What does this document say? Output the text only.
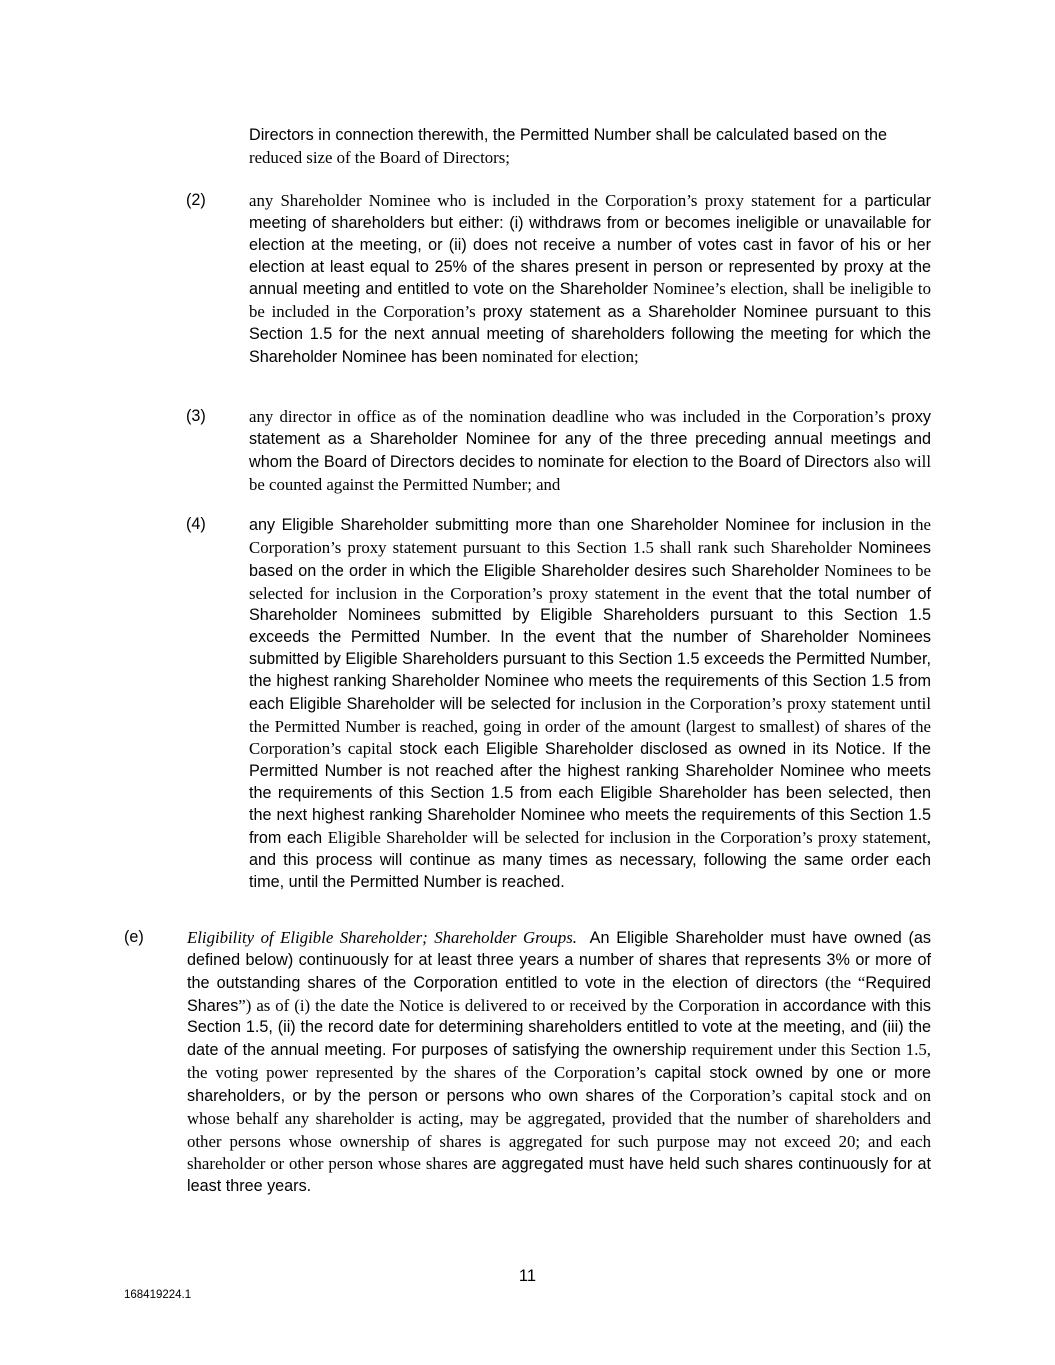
Directors in connection therewith, the Permitted Number shall be calculated based on the
reduced size of the Board of Directors;

(2)	any Shareholder Nominee who is included in the Corporation’s proxy statement for a particular meeting of shareholders but either: (i) withdraws from or becomes ineligible or unavailable for election at the meeting, or (ii) does not receive a number of votes cast in favor of his or her election at least equal to 25% of the shares present in person or represented by proxy at the annual meeting and entitled to vote on the Shareholder Nominee’s election, shall be ineligible to be included in the Corporation’s proxy statement as a Shareholder Nominee pursuant to this Section 1.5 for the next annual meeting of shareholders following the meeting for which the Shareholder Nominee has been nominated for election;

(3)	any director in office as of the nomination deadline who was included in the Corporation’s proxy statement as a Shareholder Nominee for any of the three preceding annual meetings and whom the Board of Directors decides to nominate for election to the Board of Directors also will be counted against the Permitted Number; and

(4)	any Eligible Shareholder submitting more than one Shareholder Nominee for inclusion in the Corporation’s proxy statement pursuant to this Section 1.5 shall rank such Shareholder Nominees based on the order in which the Eligible Shareholder desires such Shareholder Nominees to be selected for inclusion in the Corporation’s proxy statement in the event that the total number of Shareholder Nominees submitted by Eligible Shareholders pursuant to this Section 1.5 exceeds the Permitted Number. In the event that the number of Shareholder Nominees submitted by Eligible Shareholders pursuant to this Section 1.5 exceeds the Permitted Number, the highest ranking Shareholder Nominee who meets the requirements of this Section 1.5 from each Eligible Shareholder will be selected for inclusion in the Corporation’s proxy statement until the Permitted Number is reached, going in order of the amount (largest to smallest) of shares of the Corporation’s capital stock each Eligible Shareholder disclosed as owned in its Notice. If the Permitted Number is not reached after the highest ranking Shareholder Nominee who meets the requirements of this Section 1.5 from each Eligible Shareholder has been selected, then the next highest ranking Shareholder Nominee who meets the requirements of this Section 1.5 from each Eligible Shareholder will be selected for inclusion in the Corporation’s proxy statement, and this process will continue as many times as necessary, following the same order each time, until the Permitted Number is reached.

(e)	Eligibility of Eligible Shareholder; Shareholder Groups. An Eligible Shareholder must have owned (as defined below) continuously for at least three years a number of shares that represents 3% or more of the outstanding shares of the Corporation entitled to vote in the election of directors (the “Required Shares”) as of (i) the date the Notice is delivered to or received by the Corporation in accordance with this Section 1.5, (ii) the record date for determining shareholders entitled to vote at the meeting, and (iii) the date of the annual meeting. For purposes of satisfying the ownership requirement under this Section 1.5, the voting power represented by the shares of the Corporation’s capital stock owned by one or more shareholders, or by the person or persons who own shares of the Corporation’s capital stock and on whose behalf any shareholder is acting, may be aggregated, provided that the number of shareholders and other persons whose ownership of shares is aggregated for such purpose may not exceed 20; and each shareholder or other person whose shares are aggregated must have held such shares continuously for at least three years.

11
168419224.1
